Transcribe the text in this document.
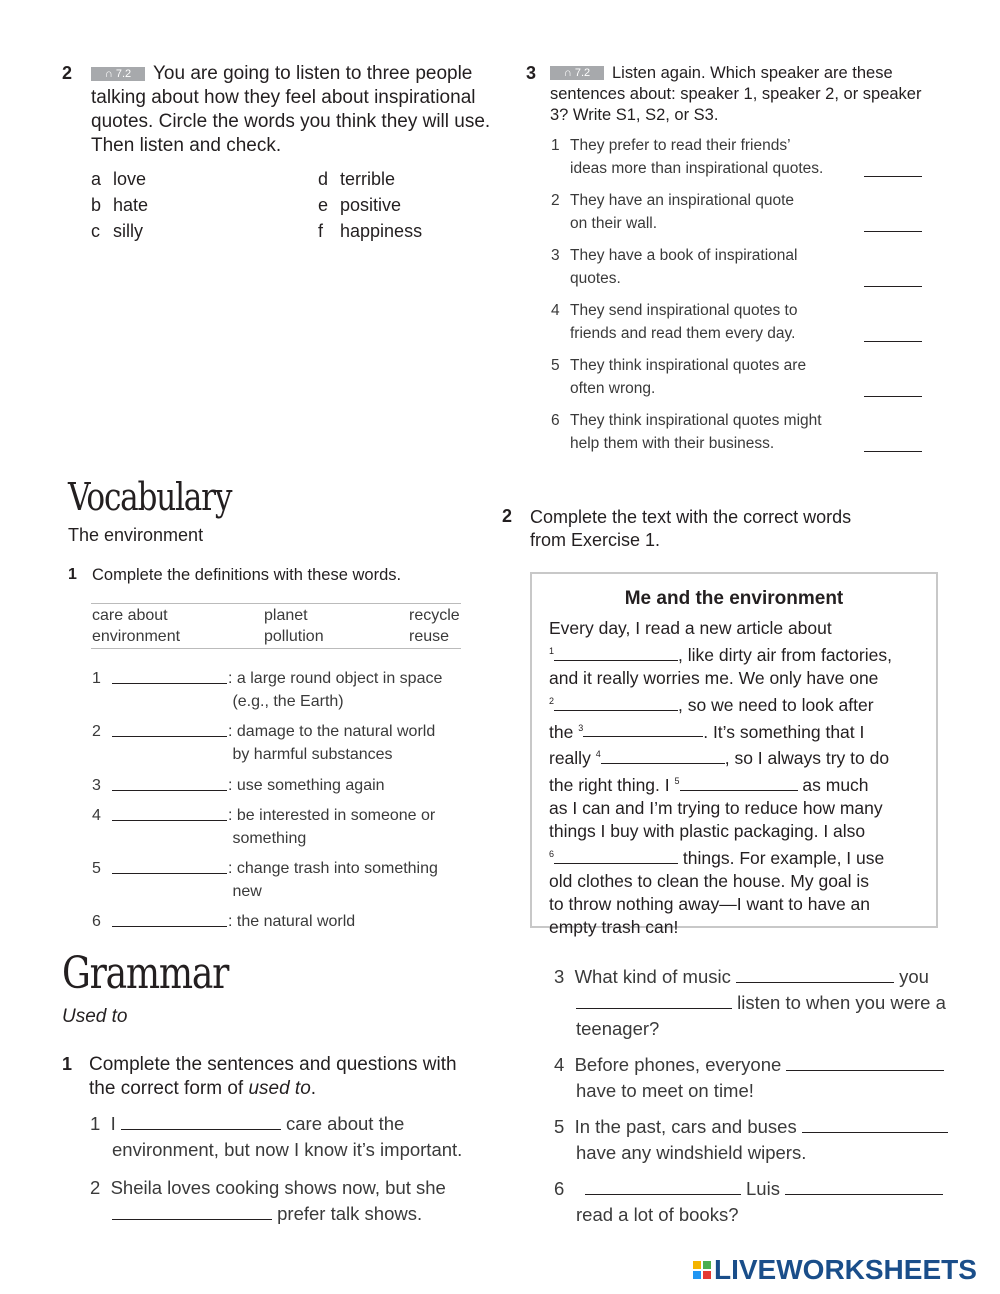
2	∩ 7.2 You are going to listen to three people talking about how they feel about inspirational quotes. Circle the words you think they will use. Then listen and check.
a love
b hate
c silly
d terrible
e positive
f happiness
3	∩ 7.2 Listen again. Which speaker are these sentences about: speaker 1, speaker 2, or speaker 3? Write S1, S2, or S3.
1 They prefer to read their friends’
ideas more than inspirational quotes.
2 They have an inspirational quote
on their wall.
3 They have a book of inspirational
quotes.
4 They send inspirational quotes to
friends and read them every day.
5 They think inspirational quotes are
often wrong.
6 They think inspirational quotes might
help them with their business.
Vocabulary
The environment
1 Complete the definitions with these words.
care about	planet	recycle
environment	pollution	reuse
1	: a large round object in space
(e.g., the Earth)
2	: damage to the natural world
by harmful substances
3	: use something again
4	: be interested in someone or
something
5	: change trash into something
new
6	: the natural world
2 Complete the text with the correct words
from Exercise 1.
Me and the environment
Every day, I read a new article about
$^1$	, like dirty air from factories,
and it really worries me. We only have one
$^2$	, so we need to look after
the $^3$	. It’s something that I
really $^4$	, so I always try to do
the right thing. I $^5$	as much
as I can and I’m trying to reduce how many
things I buy with plastic packaging. I also
$^6$	things. For example, I use
old clothes to clean the house. My goal is
to throw nothing away—I want to have an
empty trash can!
Grammar
Used to
1 Complete the sentences and questions with
the correct form of used to.
1 I	care about the
environment, but now I know it’s important.
2 Sheila loves cooking shows now, but she
prefer talk shows.
3 What kind of music	you
listen to when you were a
teenager?
4 Before phones, everyone
have to meet on time!
5 In the past, cars and buses
have any windshield wipers.
6	Luis
read a lot of books?

LIVEWORKSHEETS
